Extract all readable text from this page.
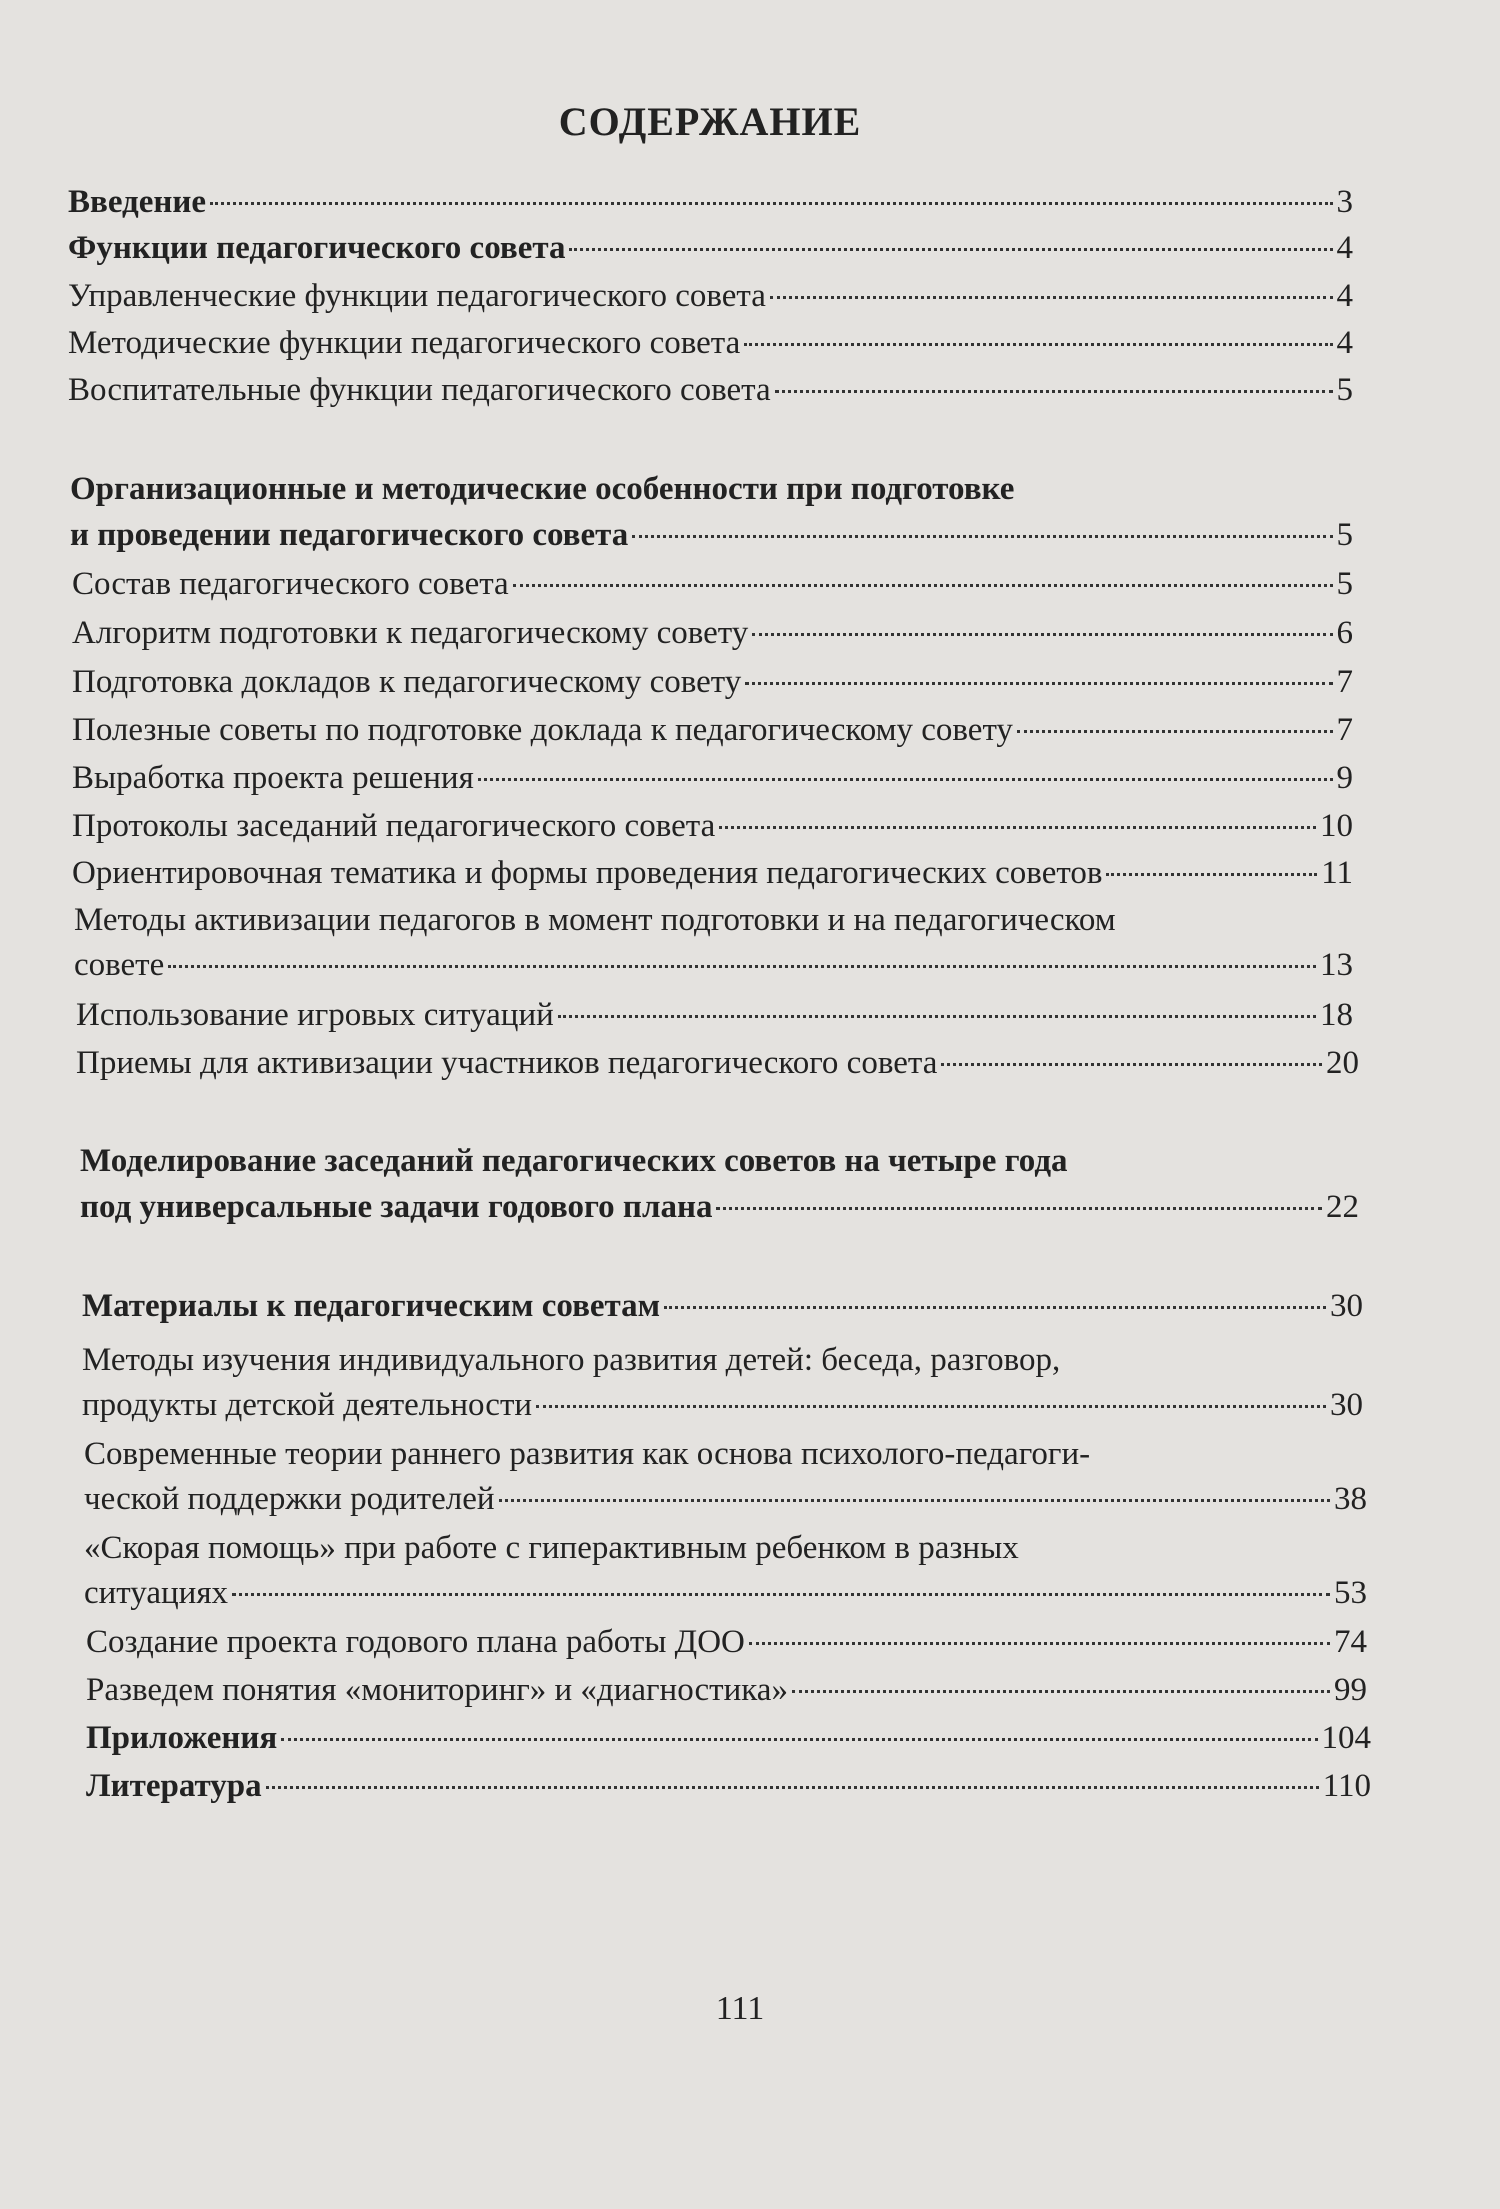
СОДЕРЖАНИЕ
Введение	3
Функции педагогического совета	4
Управленческие функции педагогического совета	4
Методические функции педагогического совета	4
Воспитательные функции педагогического совета	5
Организационные и методические особенности при подготовке
и проведении педагогического совета	5
Состав педагогического совета	5
Алгоритм подготовки к педагогическому совету	6
Подготовка докладов к педагогическому совету	7
Полезные советы по подготовке доклада к педагогическому совету	7
Выработка проекта решения	9
Протоколы заседаний педагогического совета	10
Ориентировочная тематика и формы проведения педагогических советов	11
Методы активизации педагогов в момент подготовки и на педагогическом
совете	13
Использование игровых ситуаций	18
Приемы для активизации участников педагогического совета	20
Моделирование заседаний педагогических советов на четыре года
под универсальные задачи годового плана	22
Материалы к педагогическим советам	30
Методы изучения индивидуального развития детей: беседа, разговор,
продукты детской деятельности	30
Современные теории раннего развития как основа психолого-педагоги-
ческой поддержки родителей	38
«Скорая помощь» при работе с гиперактивным ребенком в разных
ситуациях	53
Создание проекта годового плана работы ДОО	74
Разведем понятия «мониторинг» и «диагностика»	99
Приложения	104
Литература	110
111
